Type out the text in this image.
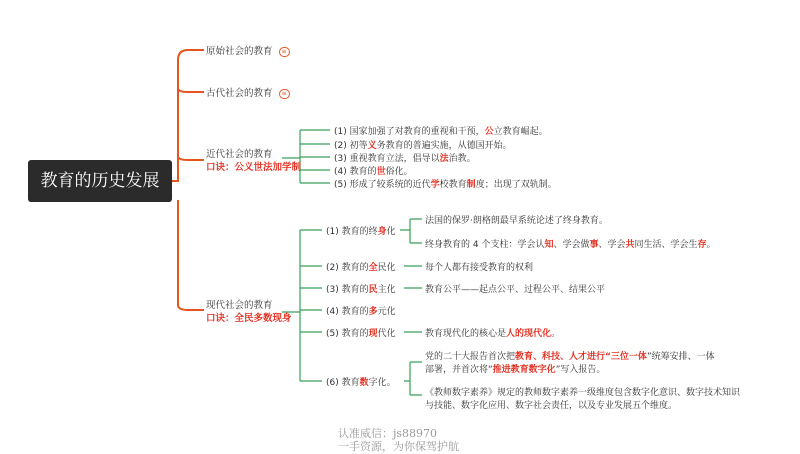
教育的历史发展
原始社会的教育 ≡
古代社会的教育 ≡
近代社会的教育
口诀：公义世法加学制
现代社会的教育
口诀：全民多数现身
(1) 国家加强了对教育的重视和干预，公立教育崛起。
(2) 初等义务教育的普遍实施，从德国开始。
(3) 重视教育立法，倡导以法治教。
(4) 教育的世俗化。
(5) 形成了较系统的近代学校教育制度；出现了双轨制。
(1) 教育的终身化
(2) 教育的全民化
(3) 教育的民主化
(4) 教育的多元化
(5) 教育的现代化
(6) 教育数字化。
法国的保罗·朗格朗最早系统论述了终身教育。
终身教育的 4 个支柱：学会认知、学会做事、学会共同生活、学会生存。
每个人都有接受教育的权利
教育公平——起点公平、过程公平、结果公平
教育现代化的核心是人的现代化。
党的二十大报告首次把教育、科技、人才进行“三位一体”统筹安排、一体
部署，并首次将“推进教育数字化”写入报告。
《教师数字素养》规定的教师数字素养一级维度包含数字化意识、数字技术知识
与技能、数字化应用、数字社会责任，以及专业发展五个维度。
认准威信：js88970
一手资源，为你保驾护航
